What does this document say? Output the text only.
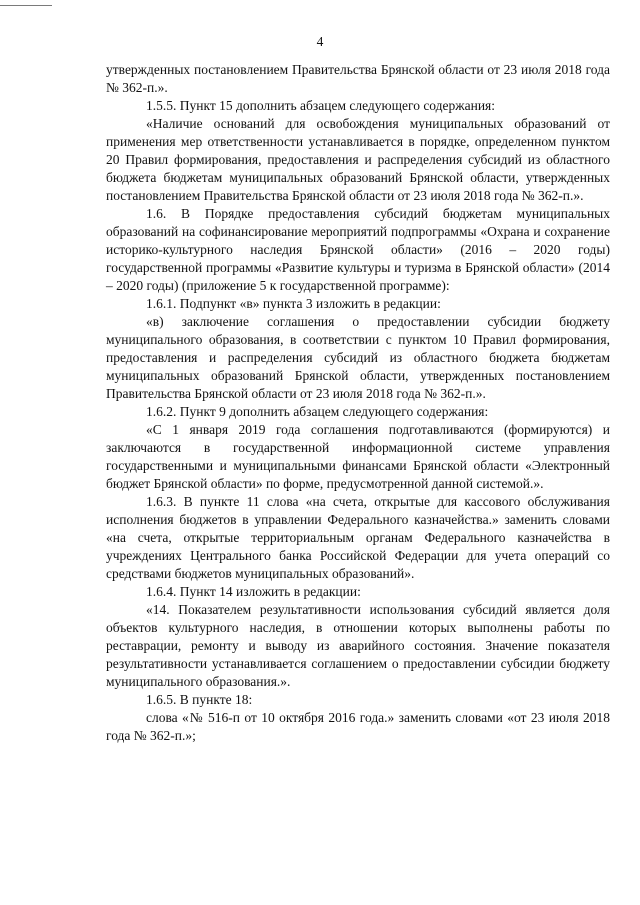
4

утвержденных постановлением Правительства Брянской области от 23 июля 2018 года № 362-п.».

1.5.5. Пункт 15 дополнить абзацем следующего содержания:

«Наличие оснований для освобождения муниципальных образований от применения мер ответственности устанавливается в порядке, определенном пунктом 20 Правил формирования, предоставления и распределения субсидий из областного бюджета бюджетам муниципальных образований Брянской области, утвержденных постановлением Правительства Брянской области от 23 июля 2018 года № 362-п.».

1.6. В Порядке предоставления субсидий бюджетам муниципальных образований на софинансирование мероприятий подпрограммы «Охрана и сохранение историко-культурного наследия Брянской области» (2016 – 2020 годы) государственной программы «Развитие культуры и туризма в Брянской области» (2014 – 2020 годы) (приложение 5 к государственной программе):

1.6.1. Подпункт «в» пункта 3 изложить в редакции:

«в) заключение соглашения о предоставлении субсидии бюджету муниципального образования, в соответствии с пунктом 10 Правил формирования, предоставления и распределения субсидий из областного бюджета бюджетам муниципальных образований Брянской области, утвержденных постановлением Правительства Брянской области от 23 июля 2018 года № 362-п.».

1.6.2. Пункт 9 дополнить абзацем следующего содержания:

«С 1 января 2019 года соглашения подготавливаются (формируются) и заключаются в государственной информационной системе управления государственными и муниципальными финансами Брянской области «Электронный бюджет Брянской области» по форме, предусмотренной данной системой.».

1.6.3. В пункте 11 слова «на счета, открытые для кассового обслуживания исполнения бюджетов в управлении Федерального казначейства.» заменить словами «на счета, открытые территориальным органам Федерального казначейства в учреждениях Центрального банка Российской Федерации для учета операций со средствами бюджетов муниципальных образований».

1.6.4. Пункт 14 изложить в редакции:

«14. Показателем результативности использования субсидий является доля объектов культурного наследия, в отношении которых выполнены работы по реставрации, ремонту и выводу из аварийного состояния. Значение показателя результативности устанавливается соглашением о предоставлении субсидии бюджету муниципального образования.».

1.6.5. В пункте 18:

слова «№ 516-п от 10 октября 2016 года.» заменить словами «от 23 июля 2018 года № 362-п.»;
